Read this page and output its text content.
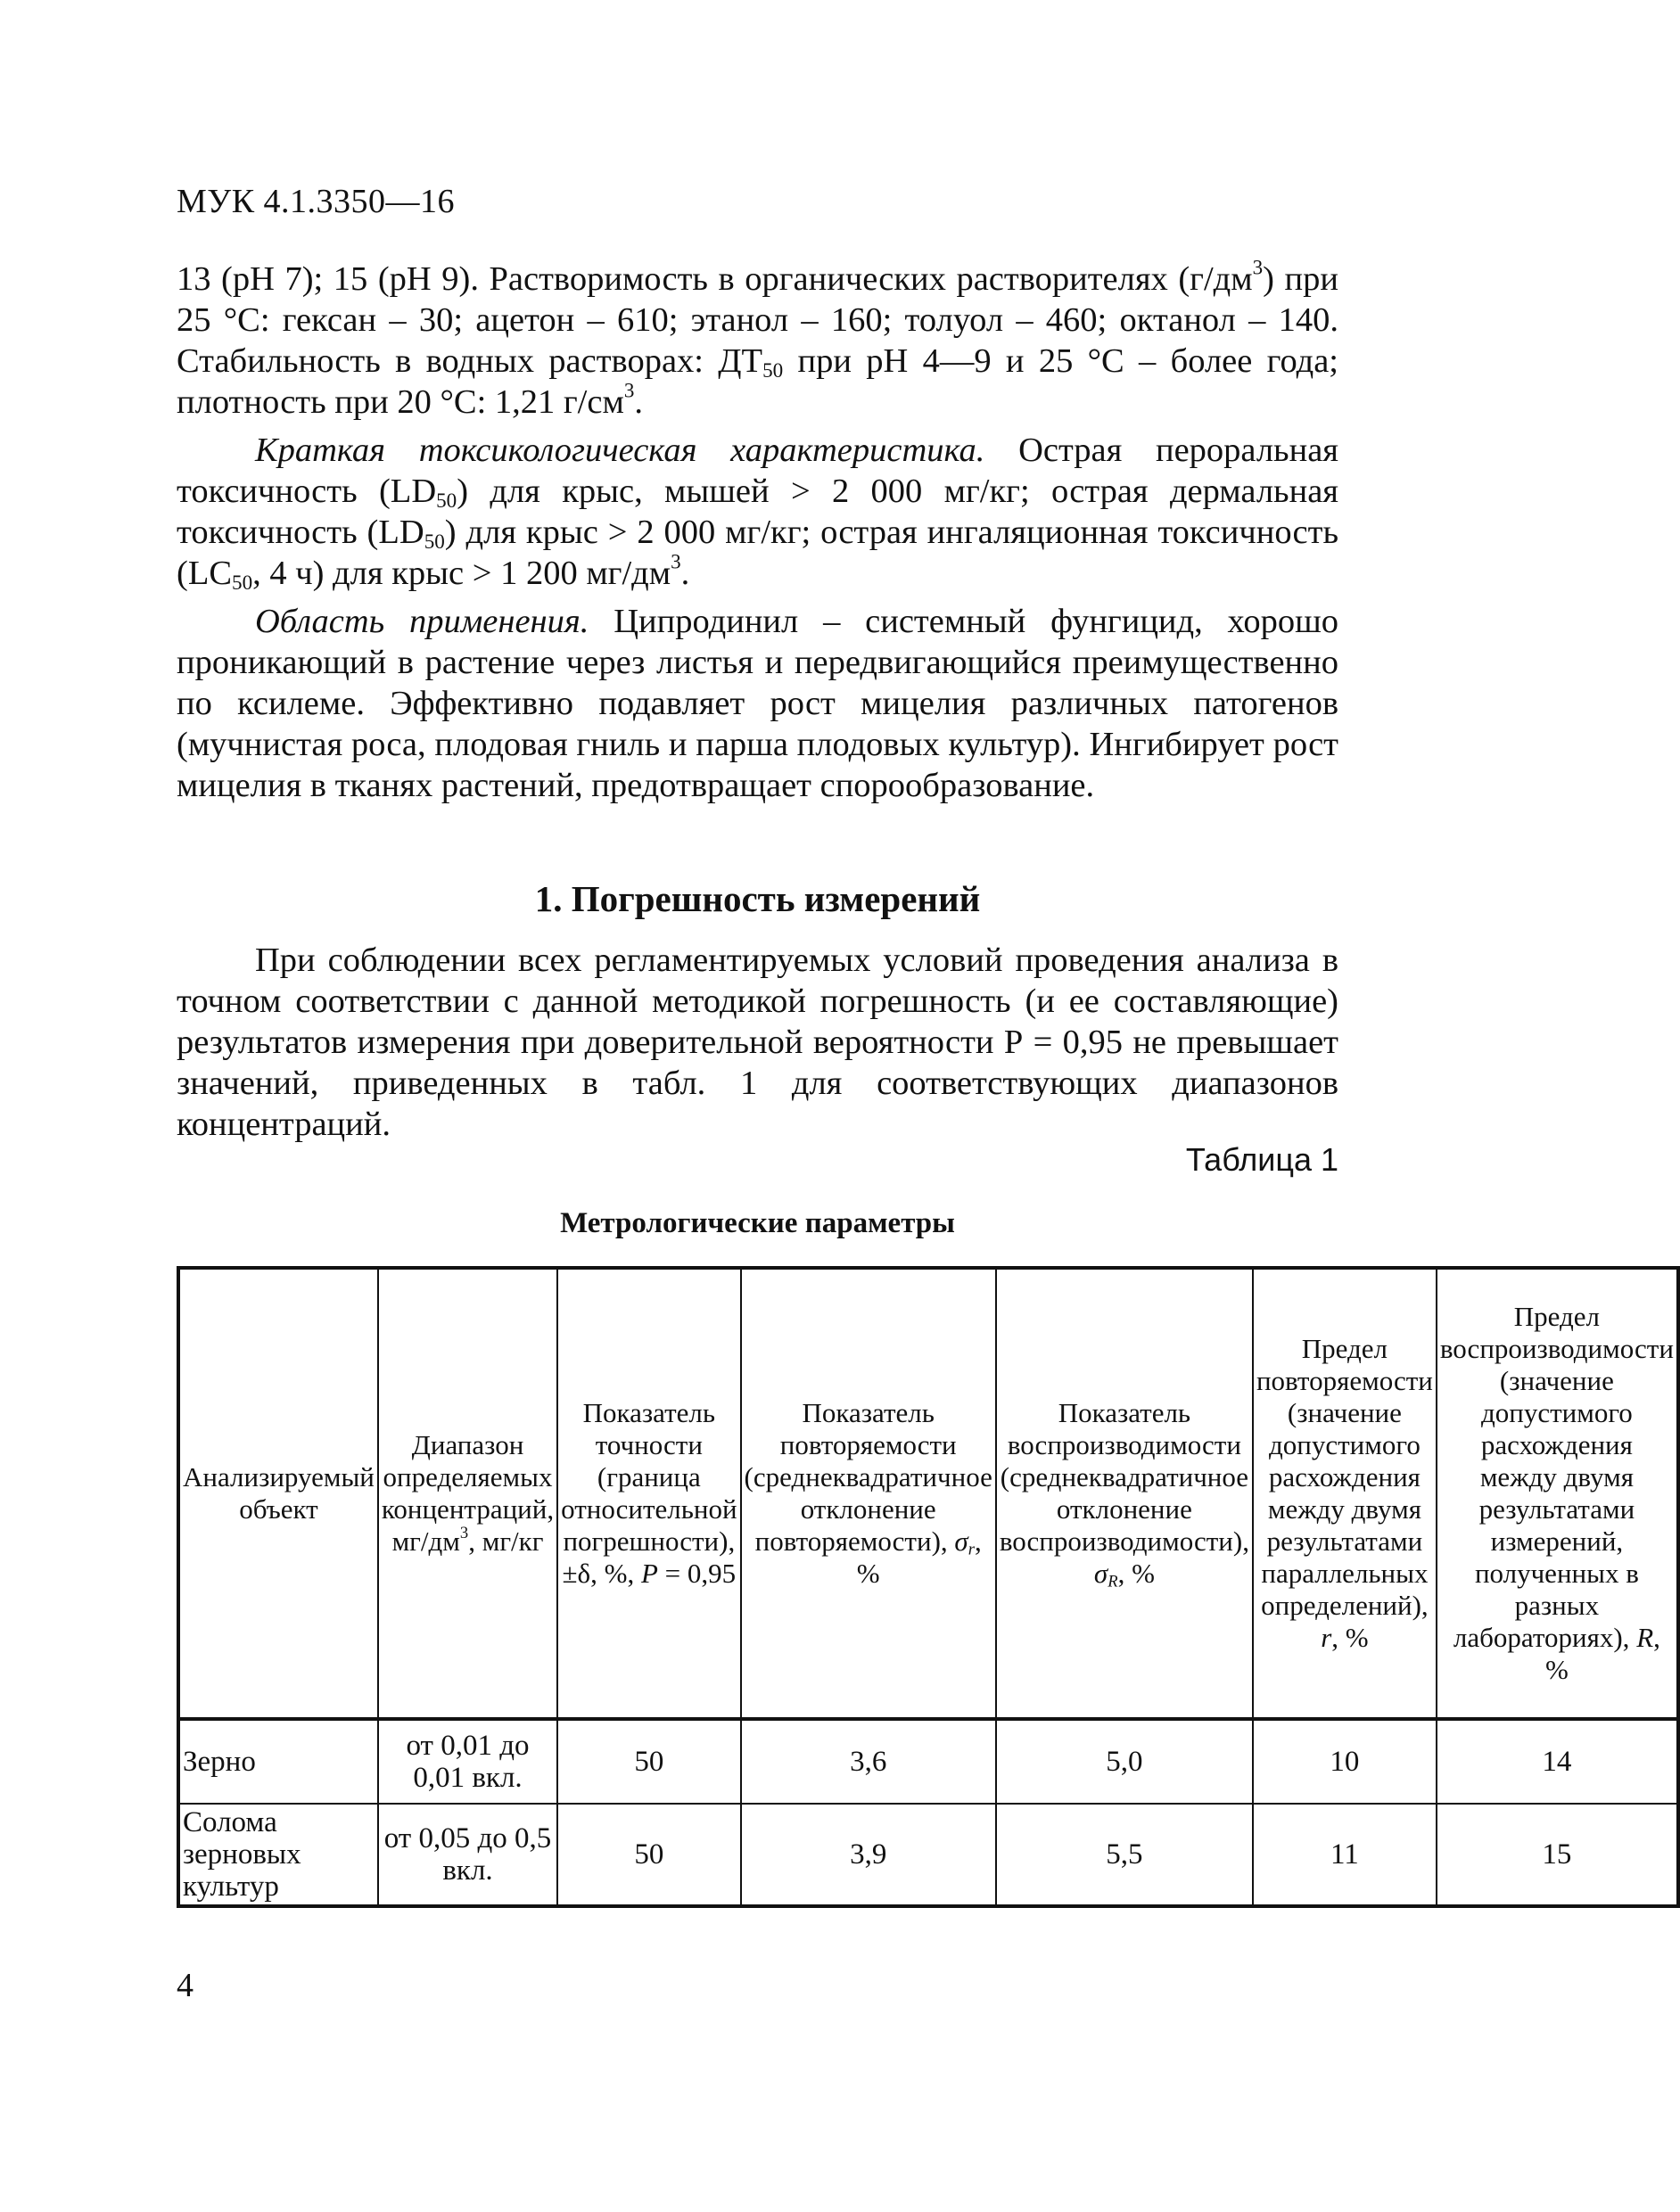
МУК 4.1.3350—16

13 (рН 7); 15 (рН 9). Растворимость в органических растворителях $(г/дм^3)$ при 25 °С: гексан – 30; ацетон – 610; этанол – 160; толуол – 460; октанол – 140. Стабильность в водных растворах: $ДТ_{50}$ при рН 4—9 и 25 °С – более года; плотность при 20 °С: 1,21 $г/см^3$.

Краткая токсикологическая характеристика. Острая пероральная токсичность $(LD_{50})$ для крыс, мышей > 2 000 мг/кг; острая дермальная токсичность $(LD_{50})$ для крыс > 2 000 мг/кг; острая ингаляционная токсичность ($LC_{50}$, 4 ч) для крыс > 1 200 $мг/дм^3$.

Область применения. Ципродинил – системный фунгицид, хорошо проникающий в растение через листья и передвигающийся преимущественно по ксилеме. Эффективно подавляет рост мицелия различных патогенов (мучнистая роса, плодовая гниль и парша плодовых культур). Ингибирует рост мицелия в тканях растений, предотвращает спорообразование.

1. Погрешность измерений

При соблюдении всех регламентируемых условий проведения анализа в точном соответствии с данной методикой погрешность (и ее составляющие) результатов измерения при доверительной вероятности Р = 0,95 не превышает значений, приведенных в табл. 1 для соответствующих диапазонов концентраций.

Таблица 1
Метрологические параметры
Анализируемый объект	Диапазон определяемых концентраций, $мг/дм^3$, мг/кг	Показатель точности (граница относительной погрешности), ±δ, %, Р = 0,95	Показатель повторяемости (среднеквадратичное отклонение повторяемости), $\sigma_r$, %	Показатель воспроизводимости (среднеквадратичное отклонение воспроизводимости), $\sigma_R$, %	Предел повторяемости (значение допустимого расхождения между двумя результатами параллельных определений), r, %	Предел воспроизводимости (значение допустимого расхождения между двумя результатами измерений, полученных в разных лабораториях), R, %
Зерно	от 0,01 до 0,01 вкл.	50	3,6	5,0	10	14
Солома зерновых культур	от 0,05 до 0,5 вкл.	50	3,9	5,5	11	15
4
